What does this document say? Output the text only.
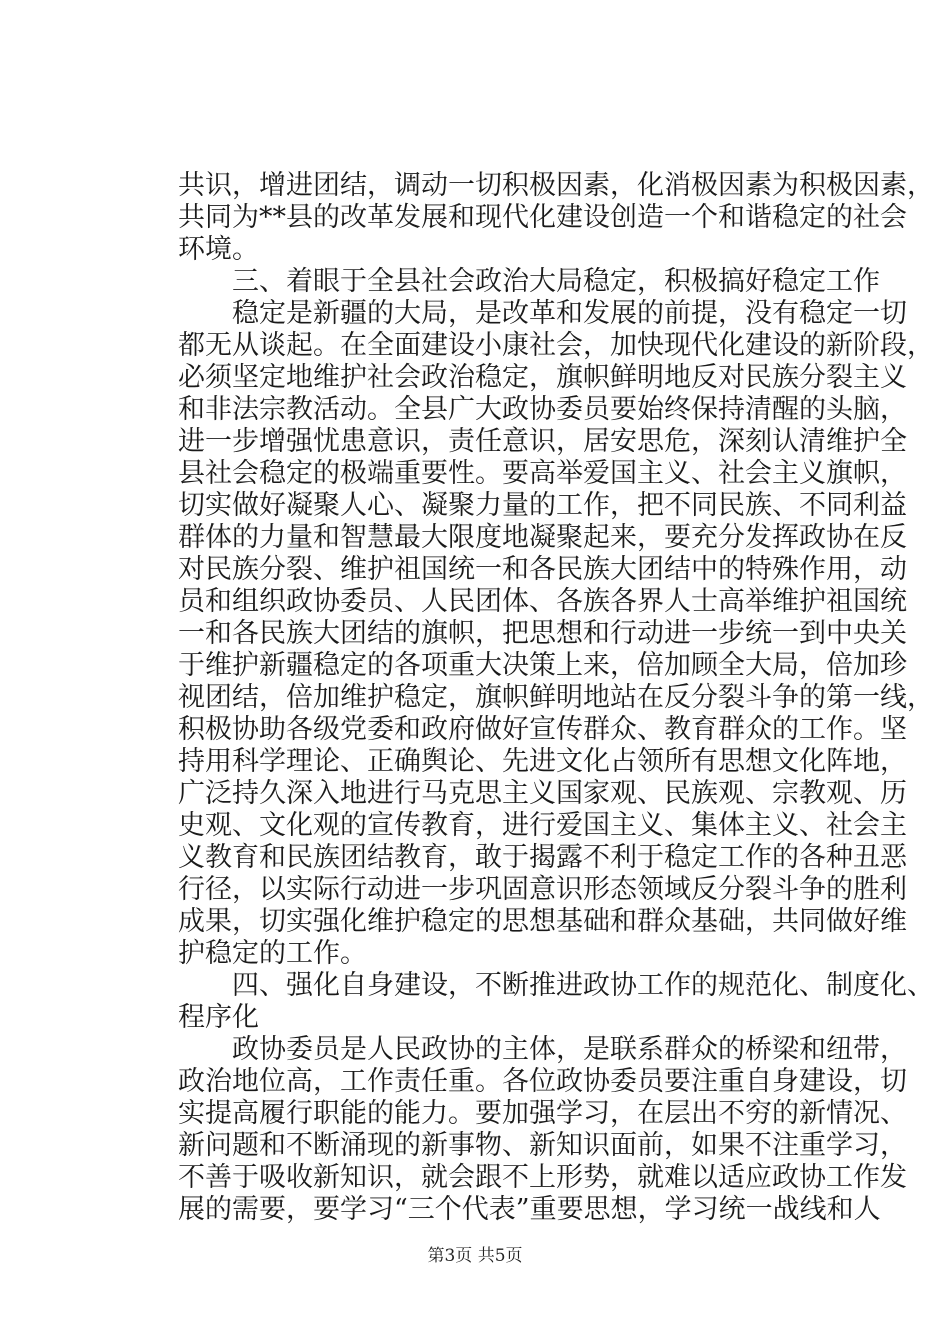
共识，增进团结，调动一切积极因素，化消极因素为积极因素，
共同为**县的改革发展和现代化建设创造一个和谐稳定的社会
环境。
　　三、着眼于全县社会政治大局稳定，积极搞好稳定工作
　　稳定是新疆的大局，是改革和发展的前提，没有稳定一切
都无从谈起。在全面建设小康社会，加快现代化建设的新阶段，
必须坚定地维护社会政治稳定，旗帜鲜明地反对民族分裂主义
和非法宗教活动。全县广大政协委员要始终保持清醒的头脑，
进一步增强忧患意识，责任意识，居安思危，深刻认清维护全
县社会稳定的极端重要性。要高举爱国主义、社会主义旗帜，
切实做好凝聚人心、凝聚力量的工作，把不同民族、不同利益
群体的力量和智慧最大限度地凝聚起来，要充分发挥政协在反
对民族分裂、维护祖国统一和各民族大团结中的特殊作用，动
员和组织政协委员、人民团体、各族各界人士高举维护祖国统
一和各民族大团结的旗帜，把思想和行动进一步统一到中央关
于维护新疆稳定的各项重大决策上来，倍加顾全大局，倍加珍
视团结，倍加维护稳定，旗帜鲜明地站在反分裂斗争的第一线，
积极协助各级党委和政府做好宣传群众、教育群众的工作。坚
持用科学理论、正确舆论、先进文化占领所有思想文化阵地，
广泛持久深入地进行马克思主义国家观、民族观、宗教观、历
史观、文化观的宣传教育，进行爱国主义、集体主义、社会主
义教育和民族团结教育，敢于揭露不利于稳定工作的各种丑恶
行径，以实际行动进一步巩固意识形态领域反分裂斗争的胜利
成果，切实强化维护稳定的思想基础和群众基础，共同做好维
护稳定的工作。
　　四、强化自身建设，不断推进政协工作的规范化、制度化、
程序化
　　政协委员是人民政协的主体，是联系群众的桥梁和纽带，
政治地位高，工作责任重。各位政协委员要注重自身建设，切
实提高履行职能的能力。要加强学习，在层出不穷的新情况、
新问题和不断涌现的新事物、新知识面前，如果不注重学习，
不善于吸收新知识，就会跟不上形势，就难以适应政协工作发
展的需要，要学习“三个代表”重要思想，学习统一战线和人
第3页 共5页
